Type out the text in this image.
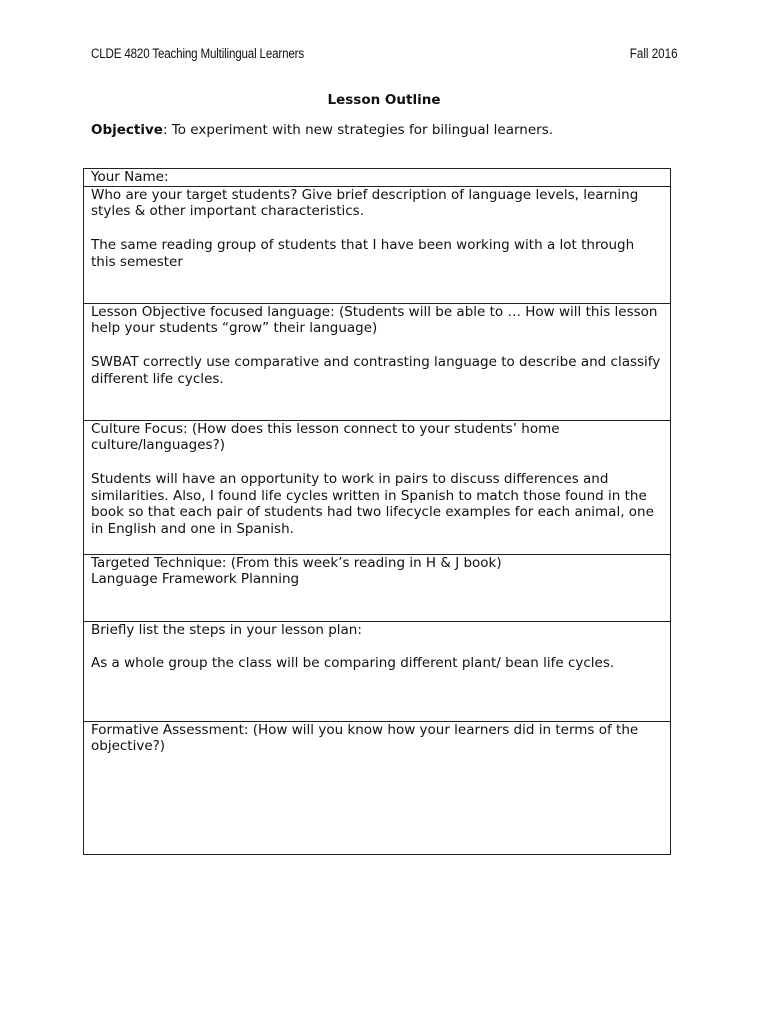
CLDE 4820 Teaching Multilingual Learners	Fall 2016
Lesson Outline
Objective: To experiment with new strategies for bilingual learners.

Your Name:

Who are your target students? Give brief description of language levels, learning styles & other important characteristics.

The same reading group of students that I have been working with a lot through this semester

Lesson Objective focused language: (Students will be able to … How will this lesson help your students “grow” their language)

SWBAT correctly use comparative and contrasting language to describe and classify different life cycles.

Culture Focus: (How does this lesson connect to your students’ home culture/languages?)

Students will have an opportunity to work in pairs to discuss differences and similarities. Also, I found life cycles written in Spanish to match those found in the book so that each pair of students had two lifecycle examples for each animal, one in English and one in Spanish.

Targeted Technique: (From this week’s reading in H & J book)
Language Framework Planning

Briefly list the steps in your lesson plan:

As a whole group the class will be comparing different plant/ bean life cycles.

Formative Assessment: (How will you know how your learners did in terms of the objective?)
